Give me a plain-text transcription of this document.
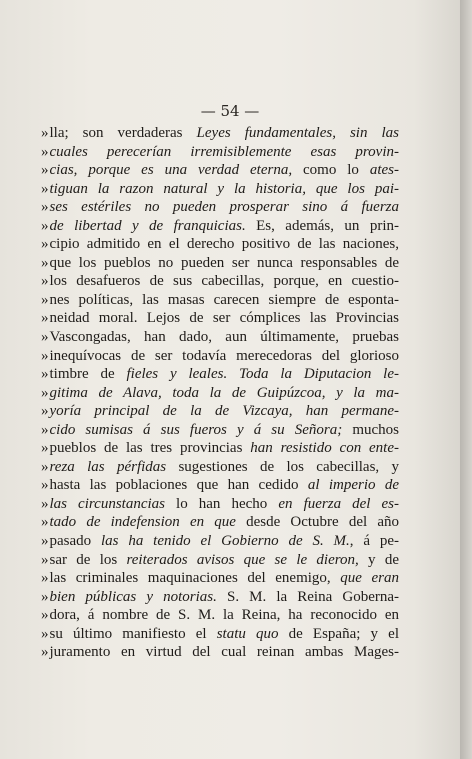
— 54 —
»lla; son verdaderas Leyes fundamentales, sin las
»cuales perecerían irremisiblemente esas provin-
»cias, porque es una verdad eterna, como lo ates-
»tiguan la razon natural y la historia, que los pai-
»ses estériles no pueden prosperar sino á fuerza
»de libertad y de franquicias. Es, además, un prin-
»cipio admitido en el derecho positivo de las naciones,
»que los pueblos no pueden ser nunca responsables de
»los desafueros de sus cabecillas, porque, en cuestio-
»nes políticas, las masas carecen siempre de esponta-
»neidad moral. Lejos de ser cómplices las Provincias
»Vascongadas, han dado, aun últimamente, pruebas
»inequívocas de ser todavía merecedoras del glorioso
»timbre de fieles y leales. Toda la Diputacion le-
»gitima de Alava, toda la de Guipúzcoa, y la ma-
»yoría principal de la de Vizcaya, han permane-
»cido sumisas á sus fueros y á su Señora; muchos
»pueblos de las tres provincias han resistido con ente-
»reza las pérfidas sugestiones de los cabecillas, y
»hasta las poblaciones que han cedido al imperio de
»las circunstancias lo han hecho en fuerza del es-
»tado de indefension en que desde Octubre del año
»pasado las ha tenido el Gobierno de S. M., á pe-
»sar de los reiterados avisos que se le dieron, y de
»las criminales maquinaciones del enemigo, que eran
»bien públicas y notorias. S. M. la Reina Goberna-
»dora, á nombre de S. M. la Reina, ha reconocido en
»su último manifiesto el statu quo de España; y el
»juramento en virtud del cual reinan ambas Mages-
